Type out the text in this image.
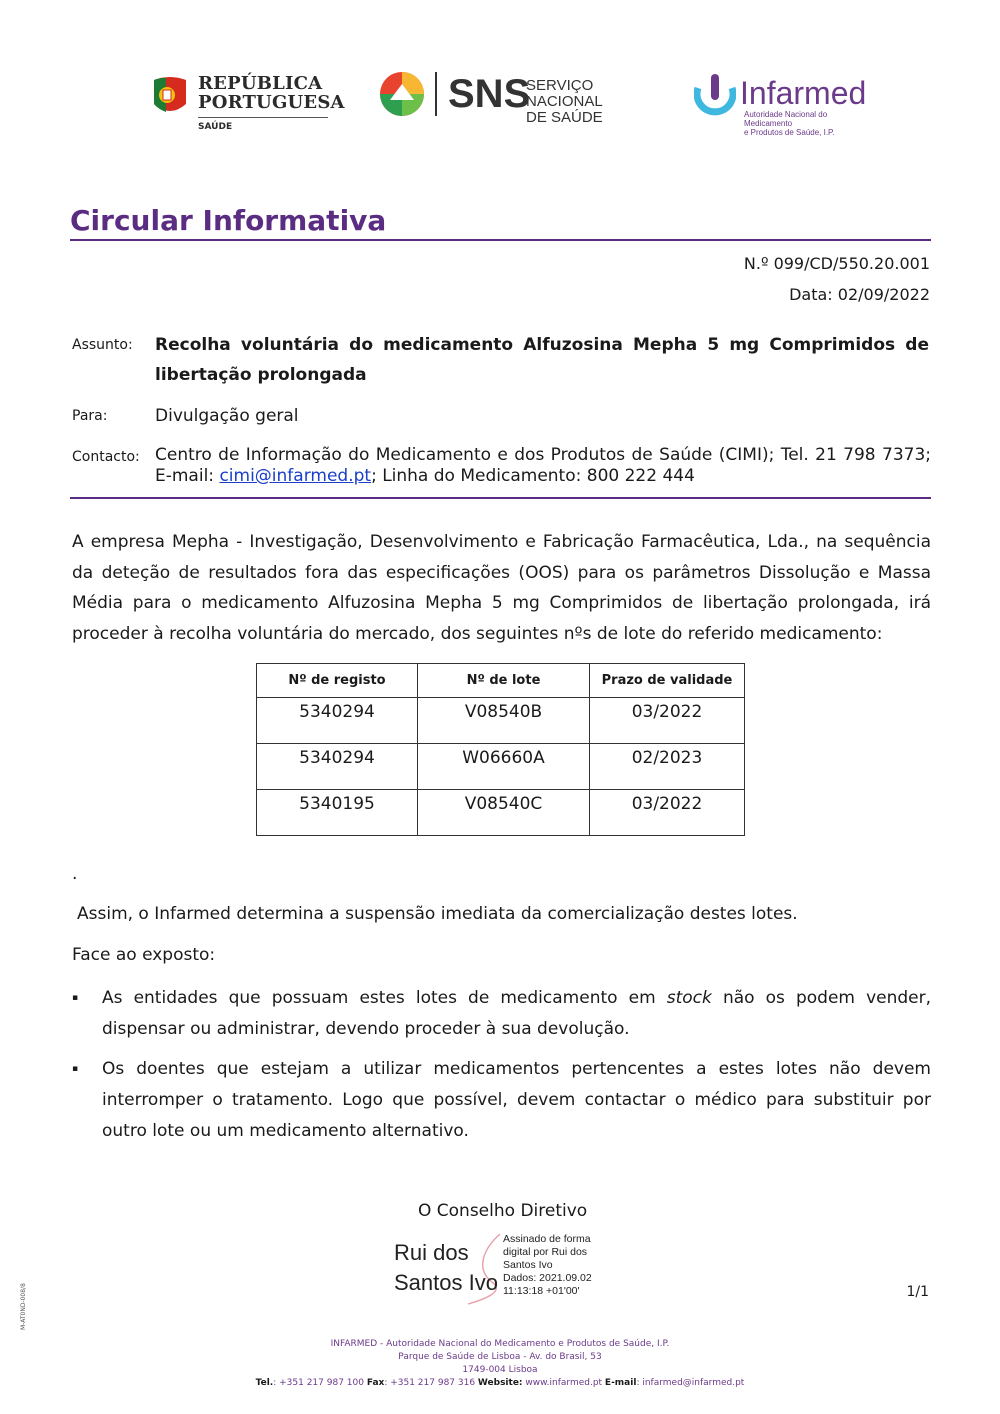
REPÚBLICA
PORTUGUESA
SAÚDE
SNS
SERVIÇO NACIONAL
DE SAÚDE
Infarmed
Autoridade Nacional do Medicamento
e Produtos de Saúde, I.P.
Circular Informativa
N.º 099/CD/550.20.001
Data: 02/09/2022
Assunto: Recolha voluntária do medicamento Alfuzosina Mepha 5 mg Comprimidos de
libertação prolongada
Para:	Divulgação geral
Contacto: Centro de Informação do Medicamento e dos Produtos de Saúde (CIMI); Tel. 21 798 7373;
E-mail: cimi@infarmed.pt; Linha do Medicamento: 800 222 444
A empresa Mepha - Investigação, Desenvolvimento e Fabricação Farmacêutica, Lda., na sequência da deteção de resultados fora das especificações (OOS) para os parâmetros Dissolução e Massa Média para o medicamento Alfuzosina Mepha 5 mg Comprimidos de libertação prolongada, irá proceder à recolha voluntária do mercado, dos seguintes nºs de lote do referido medicamento:
Nº de registo	Nº de lote	Prazo de validade
5340294	V08540B	03/2022
5340294	W06660A	02/2023
5340195	V08540C	03/2022
.
Assim, o Infarmed determina a suspensão imediata da comercialização destes lotes.
Face ao exposto:
▪ As entidades que possuam estes lotes de medicamento em stock não os podem vender, dispensar ou administrar, devendo proceder à sua devolução.
▪ Os doentes que estejam a utilizar medicamentos pertencentes a estes lotes não devem interromper o tratamento. Logo que possível, devem contactar o médico para substituir por outro lote ou um medicamento alternativo.
O Conselho Diretivo
Rui dos
Santos Ivo
Assinado de forma
digital por Rui dos
Santos Ivo
Dados: 2021.09.02
11:13:18 +01'00'	1/1
M-AT0ND-008/8
INFARMED - Autoridade Nacional do Medicamento e Produtos de Saúde, I.P.
Parque de Saúde de Lisboa - Av. do Brasil, 53
1749-004 Lisboa
Tel.: +351 217 987 100 Fax: +351 217 987 316 Website: www.infarmed.pt E-mail: infarmed@infarmed.pt
